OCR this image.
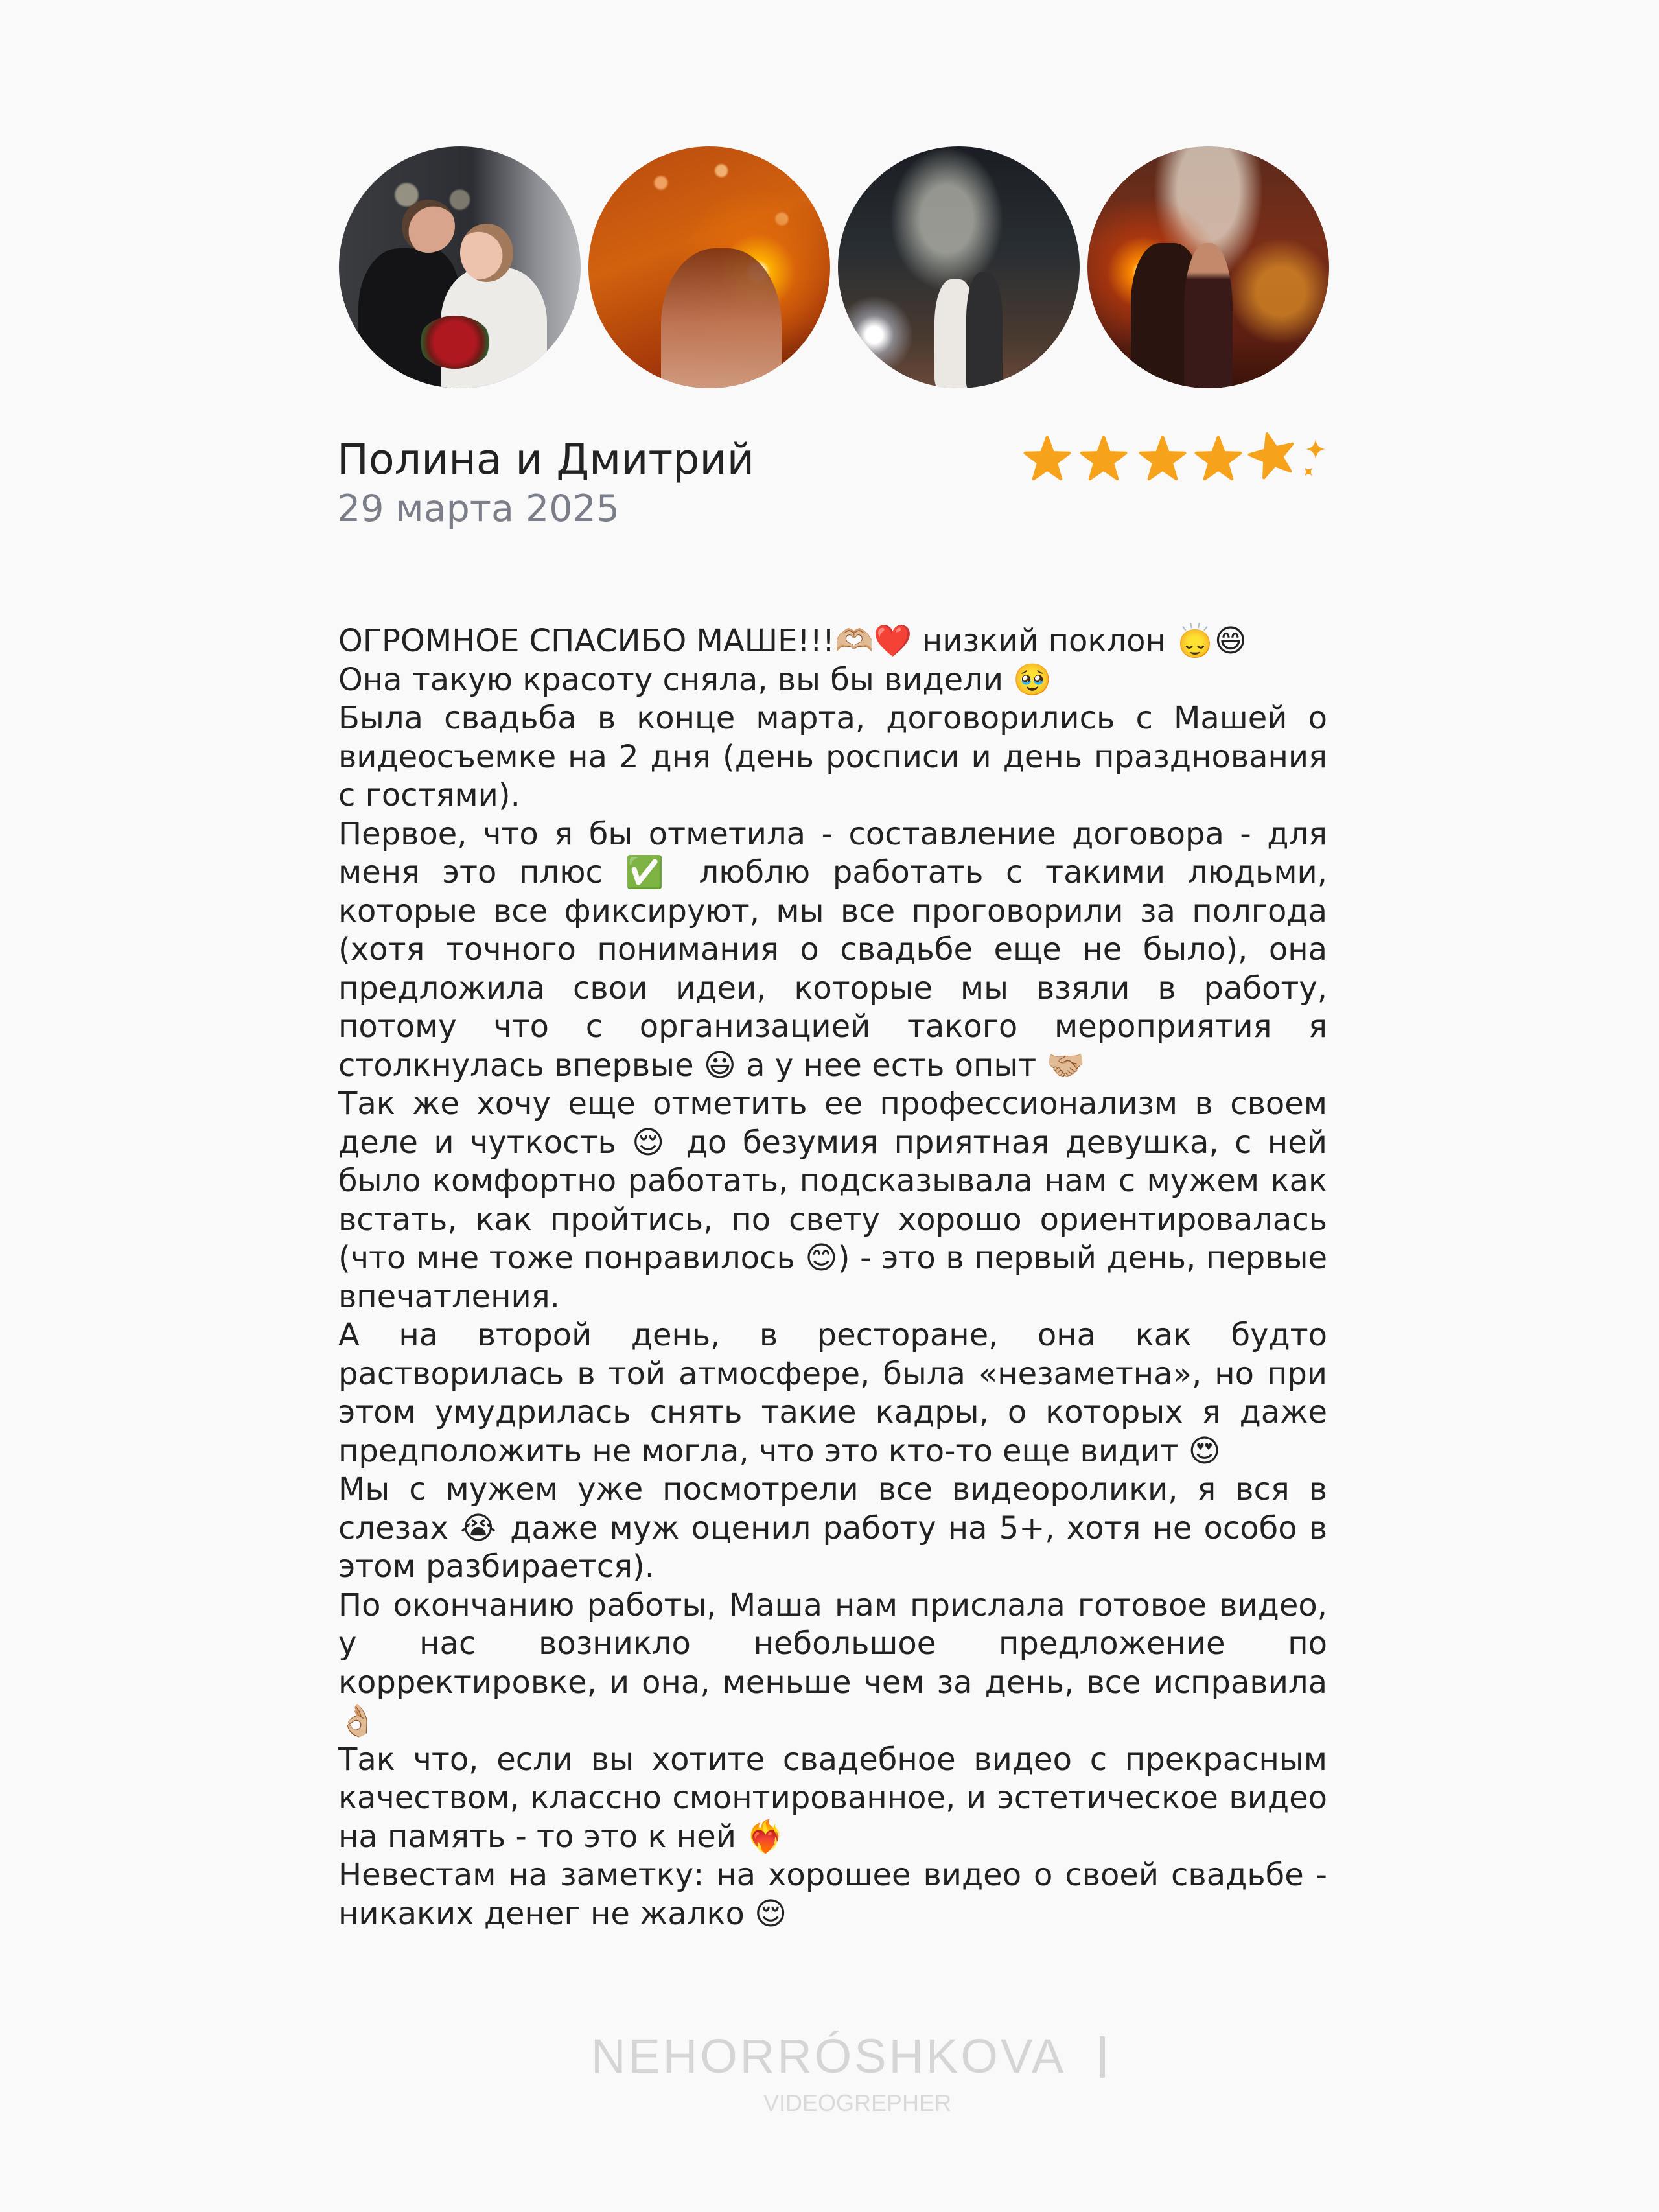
Полина и Дмитрий
29 марта 2025

ОГРОМНОЕ СПАСИБО МАШЕ!!!🫶🏼❤️ низкий поклон 🙂‍↕️😄

Она такую красоту сняла, вы бы видели 🥹

Была свадьба в конце марта, договорились с Машей о видеосъемке на 2 дня (день росписи и день празднования с гостями).

Первое, что я бы отметила - составление договора - для меня это плюс ✅ люблю работать с такими людьми, которые все фиксируют, мы все проговорили за полгода (хотя точного понимания о свадьбе еще не было), она предложила свои идеи, которые мы взяли в работу, потому что с организацией такого мероприятия я столкнулась впервые 😃 а у нее есть опыт 🤝🏼

Так же хочу еще отметить ее профессионализм в своем деле и чуткость 😌 до безумия приятная девушка, с ней было комфортно работать, подсказывала нам с мужем как встать, как пройтись, по свету хорошо ориентировалась (что мне тоже понравилось 😊) - это в первый день, первые впечатления.

А на второй день, в ресторане, она как будто растворилась в той атмосфере, была «незаметна», но при этом умудрилась снять такие кадры, о которых я даже предположить не могла, что это кто-то еще видит 😍

Мы с мужем уже посмотрели все видеоролики, я вся в слезах 😭 даже муж оценил работу на 5+, хотя не особо в этом разбирается).

По окончанию работы, Маша нам прислала готовое видео, у нас возникло небольшое предложение по корректировке, и она, меньше чем за день, все исправила 👌🏼

Так что, если вы хотите свадебное видео с прекрасным качеством, классно смонтированное, и эстетическое видео на память - то это к ней ❤️‍🔥

Невестам на заметку: на хорошее видео о своей свадьбе - никаких денег не жалко 😌

NEHORRÓSHKOVA
VIDEOGREPHER
